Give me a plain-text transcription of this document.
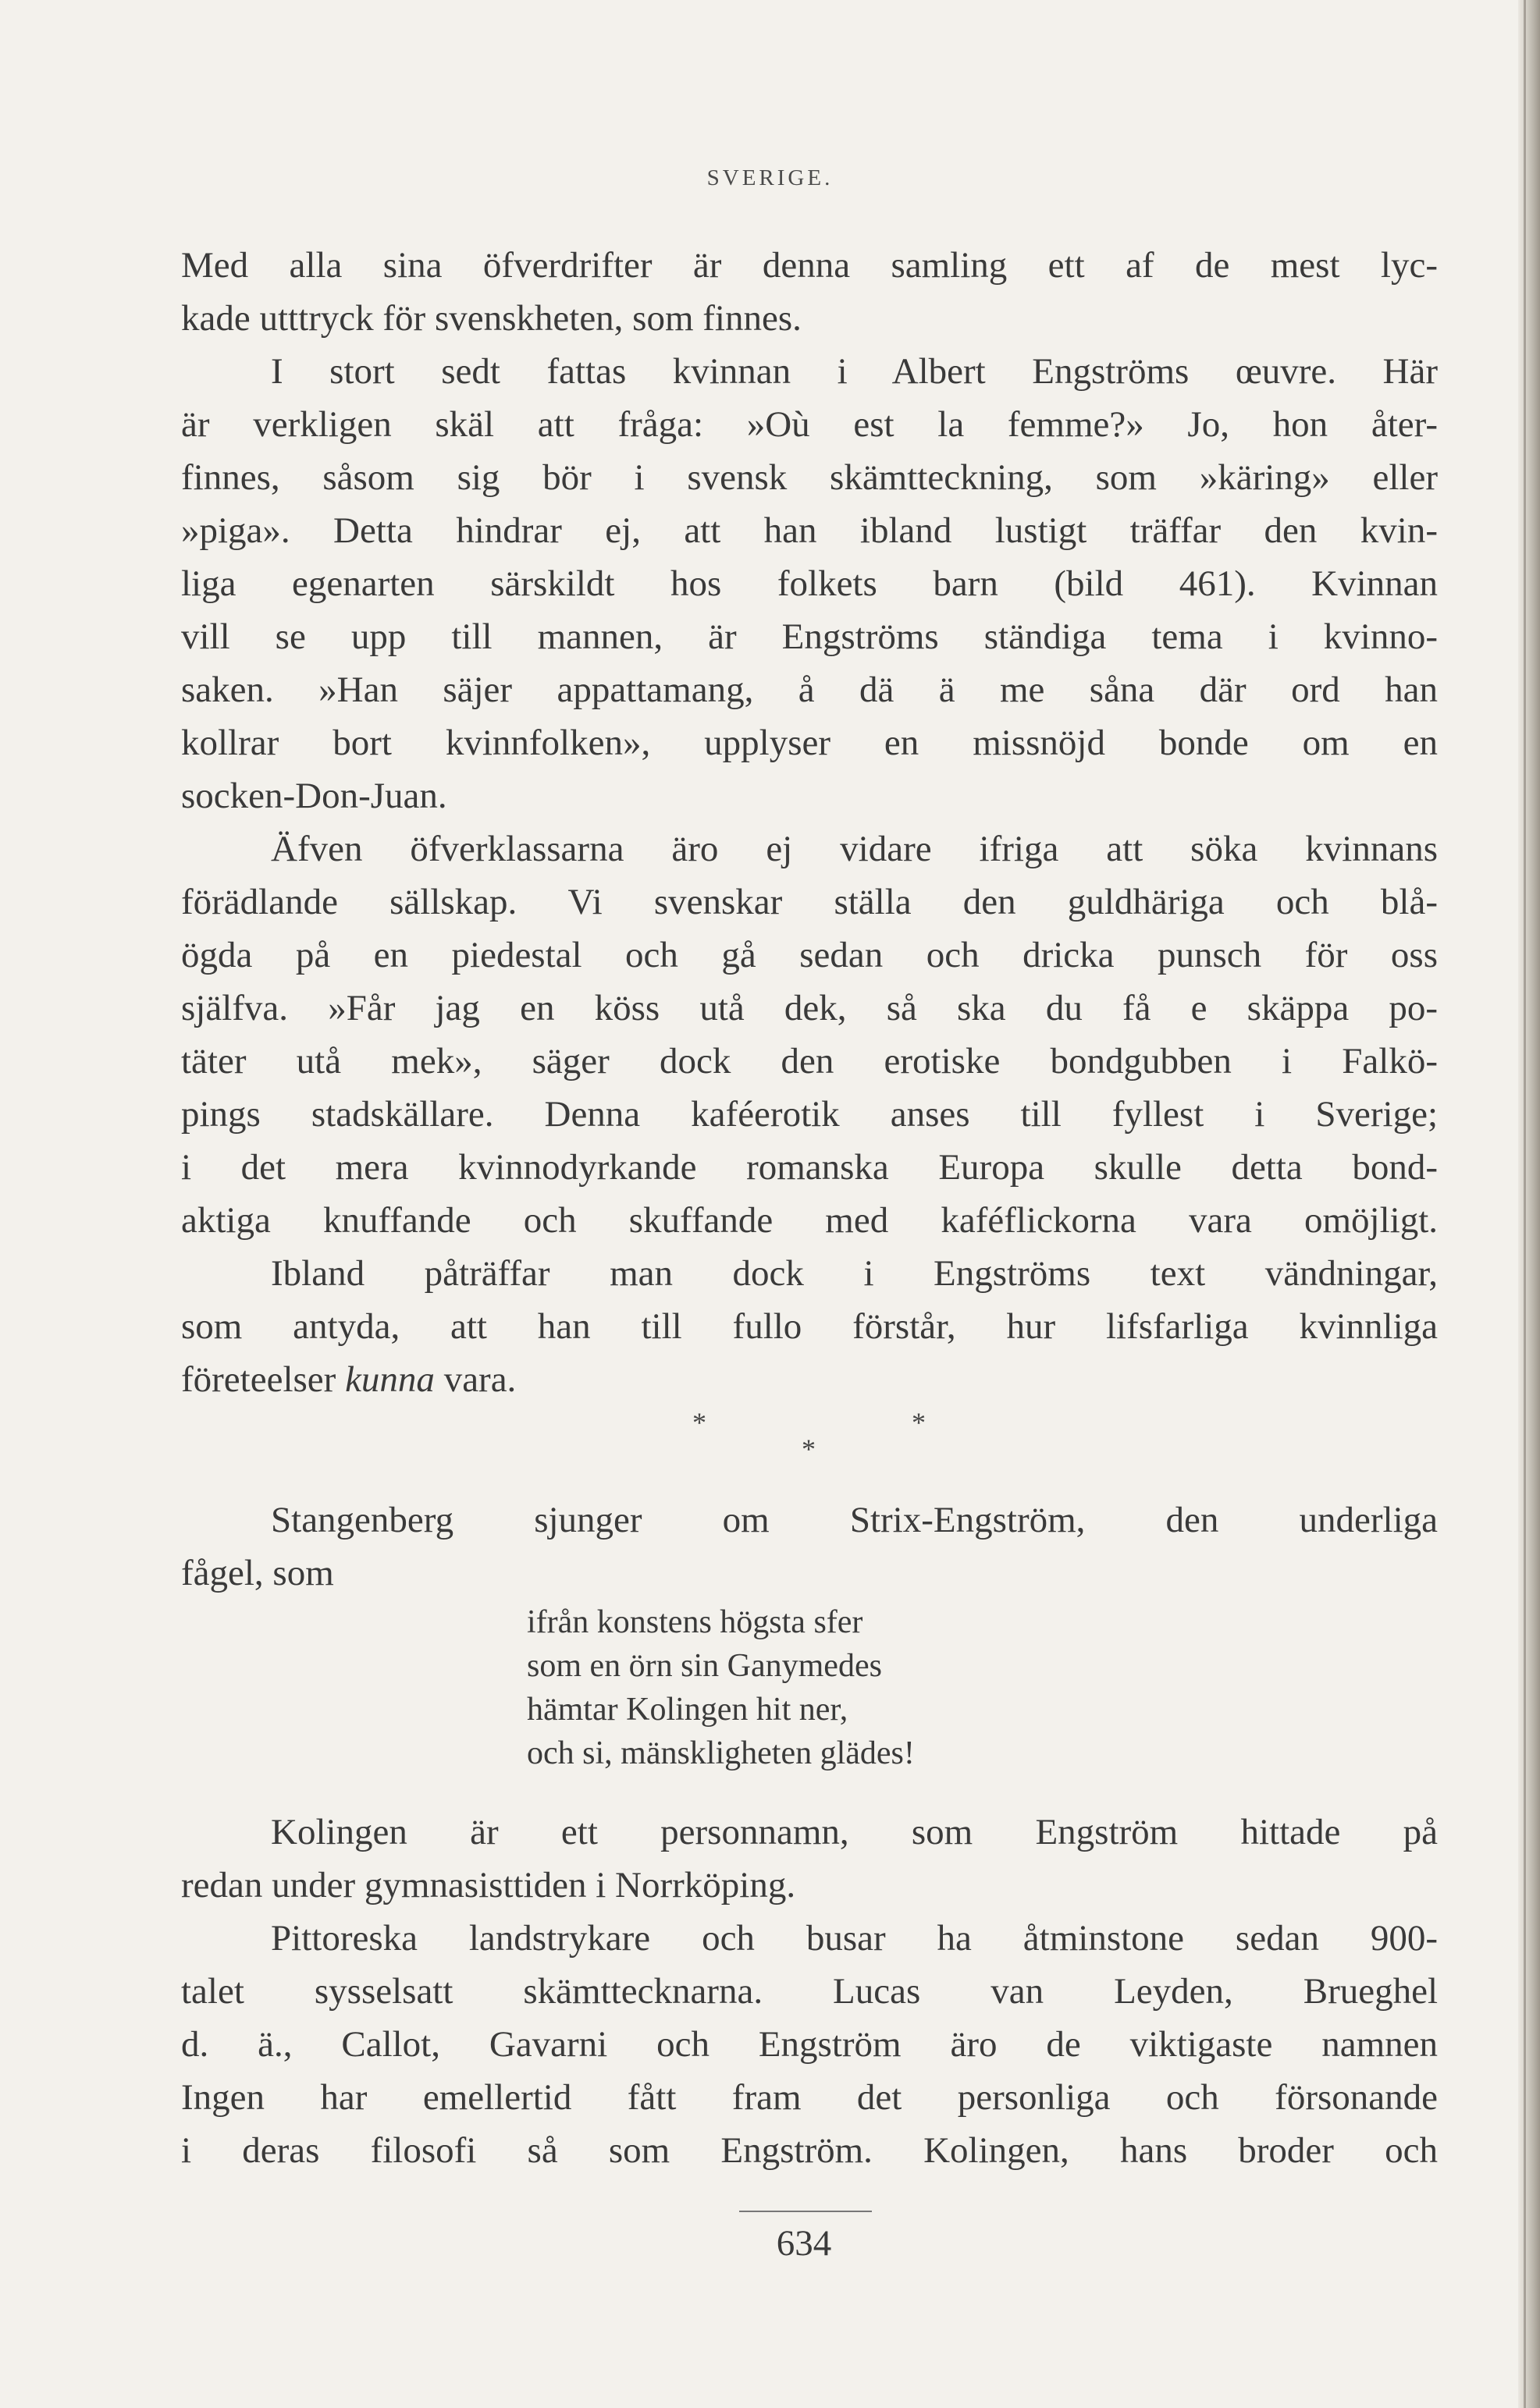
SVERIGE.
Med alla sina öfverdrifter är denna samling ett af de mest lyc-
kade utttryck för svenskheten, som finnes.
I stort sedt fattas kvinnan i Albert Engströms œuvre. Här
är verkligen skäl att fråga: »Où est la femme?» Jo, hon åter-
finnes, såsom sig bör i svensk skämtteckning, som »käring» eller
»piga». Detta hindrar ej, att han ibland lustigt träffar den kvin-
liga egenarten särskildt hos folkets barn (bild 461). Kvinnan
vill se upp till mannen, är Engströms ständiga tema i kvinno-
saken. »Han säjer appattamang, å dä ä me såna där ord han
kollrar bort kvinnfolken», upplyser en missnöjd bonde om en
socken-Don-Juan.
Äfven öfverklassarna äro ej vidare ifriga att söka kvinnans
förädlande sällskap. Vi svenskar ställa den guldhäriga och blå-
ögda på en piedestal och gå sedan och dricka punsch för oss
själfva. »Får jag en köss utå dek, så ska du få e skäppa po-
täter utå mek», säger dock den erotiske bondgubben i Falkö-
pings stadskällare. Denna kaféerotik anses till fyllest i Sverige;
i det mera kvinnodyrkande romanska Europa skulle detta bond-
aktiga knuffande och skuffande med kaféflickorna vara omöjligt.
Ibland påträffar man dock i Engströms text vändningar,
som antyda, att han till fullo förstår, hur lifsfarliga kvinnliga
företeelser kunna vara.
*	*
*
Stangenberg sjunger om Strix-Engström, den underliga
fågel, som
ifrån konstens högsta sfer
som en örn sin Ganymedes
hämtar Kolingen hit ner,
och si, mänskligheten glädes!
Kolingen är ett personnamn, som Engström hittade på
redan under gymnasisttiden i Norrköping.
Pittoreska landstrykare och busar ha åtminstone sedan 900-
talet sysselsatt skämttecknarna. Lucas van Leyden, Brueghel
d. ä., Callot, Gavarni och Engström äro de viktigaste namnen
Ingen har emellertid fått fram det personliga och försonande
i deras filosofi så som Engström. Kolingen, hans broder och
634
